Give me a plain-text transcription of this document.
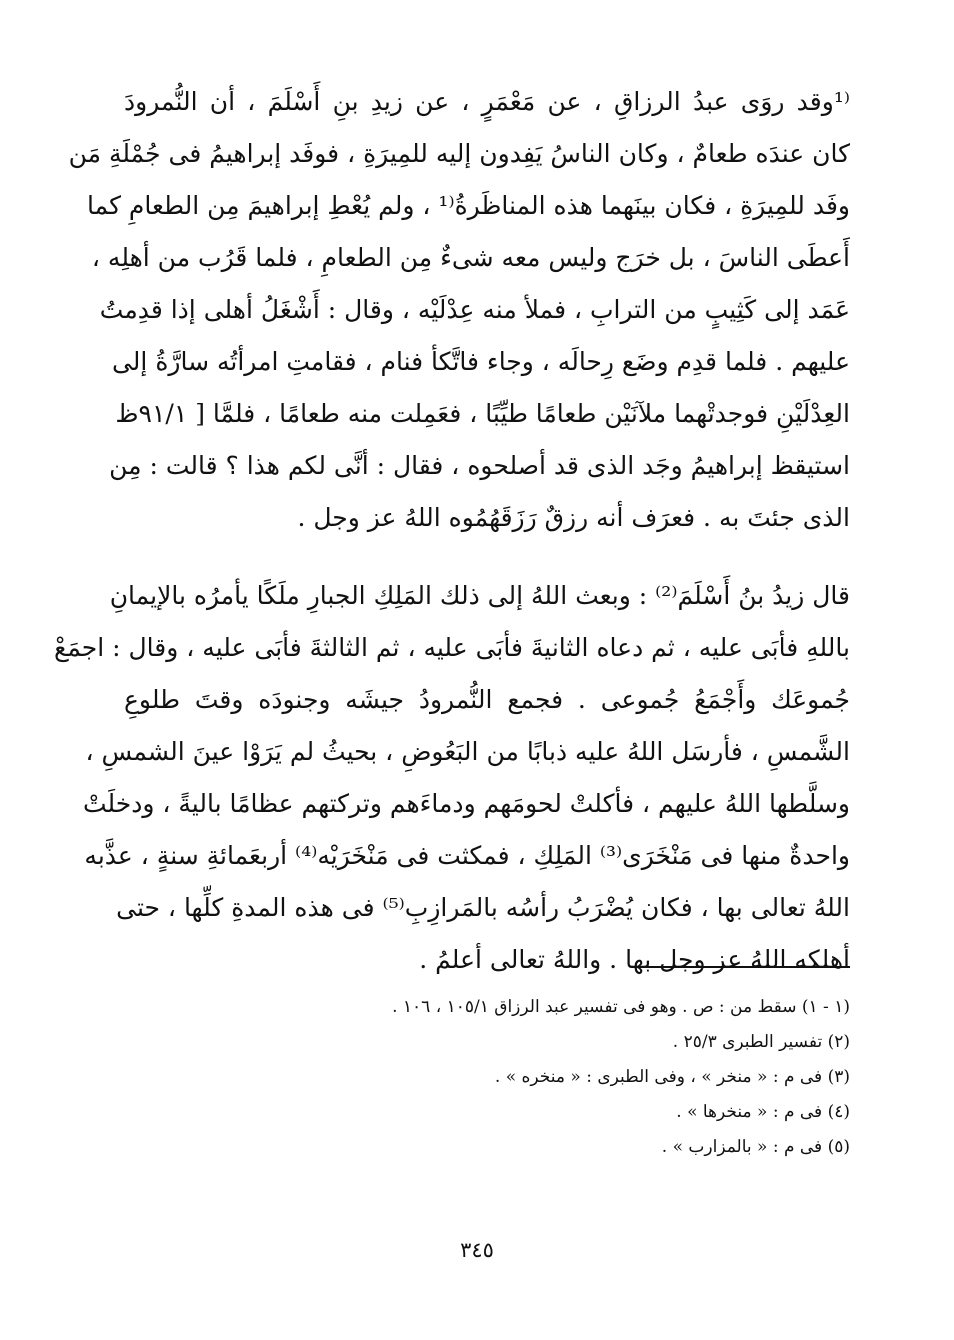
⁽¹وقد روَى عبدُ الرزاقِ ، عن مَعْمَرٍ ، عن زيدِ بنِ أَسْلَمَ ، أن النُّمرودَ
كان عندَه طعامٌ ، وكان الناسُ يَفِدون إليه للمِيرَةِ ، فوفَد إبراهيمُ فى جُمْلَةِ مَن
وفَد للمِيرَةِ ، فكان بينَهما هذه المناظَرةُ⁽¹ ، ولم يُعْطِ إبراهيمَ مِن الطعامِ كما
أَعطَى الناسَ ، بل خرَج وليس معه شىءٌ مِن الطعامِ ، فلما قَرُب من أهلِه ،
عَمَد إلى كَثِيبٍ من الترابِ ، فملأ منه عِدْلَيْه ، وقال : أَشْغَلُ أهلى إذا قدِمتُ
عليهم . فلما قدِم وضَع رِحالَه ، وجاء فاتَّكأ فنام ، فقامتِ امرأتُه سارَّةُ إلى
العِدْلَيْنِ فوجدتْهما ملآنَيْن طعامًا طيِّبًا ، فعَمِلت منه طعامًا ، فلمَّا [ ٩١/١ظ
استيقظ إبراهيمُ وجَد الذى قد أصلحوه ، فقال : أنَّى لكم هذا ؟ قالت : مِن
الذى جئتَ به . فعرَف أنه رزقٌ رَزَقَهُمُوه اللهُ عز وجل .
قال زيدُ بنُ أَسْلَمَ⁽²⁾ : وبعث اللهُ إلى ذلك المَلِكِ الجبارِ ملَكًا يأمرُه بالإيمانِ
باللهِ فأبَى عليه ، ثم دعاه الثانيةَ فأبَى عليه ، ثم الثالثةَ فأبَى عليه ، وقال : اجمَعْ
جُموعَك وأَجْمَعُ جُموعى . فجمع النُّمرودُ جيشَه وجنودَه وقتَ طلوعِ
الشَّمسِ ، فأرسَل اللهُ عليه ذبابًا من البَعُوضِ ، بحيثُ لم يَرَوْا عينَ الشمسِ ،
وسلَّطها اللهُ عليهم ، فأكلتْ لحومَهم ودماءَهم وتركتهم عظامًا باليةً ، ودخلَتْ
واحدةٌ منها فى مَنْخَرَى⁽³⁾ المَلِكِ ، فمكثت فى مَنْخَرَيْه⁽⁴⁾ أربعَمائةِ سنةٍ ، عذَّبه
اللهُ تعالى بها ، فكان يُضْرَبُ رأسُه بالمَرازِبِ⁽⁵⁾ فى هذه المدةِ كلِّها ، حتى
أهلكه اللهُ عز وجل بها . واللهُ تعالى أعلمُ .
(١ - ١) سقط من : ص . وهو فى تفسير عبد الرزاق ١٠٥/١ ، ١٠٦ .
(٢) تفسير الطبرى ٢٥/٣ .
(٣) فى م : « منخر » ، وفى الطبرى : « منخره » .
(٤) فى م : « منخرها » .
(٥) فى م : « بالمزارب » .
٣٤٥
